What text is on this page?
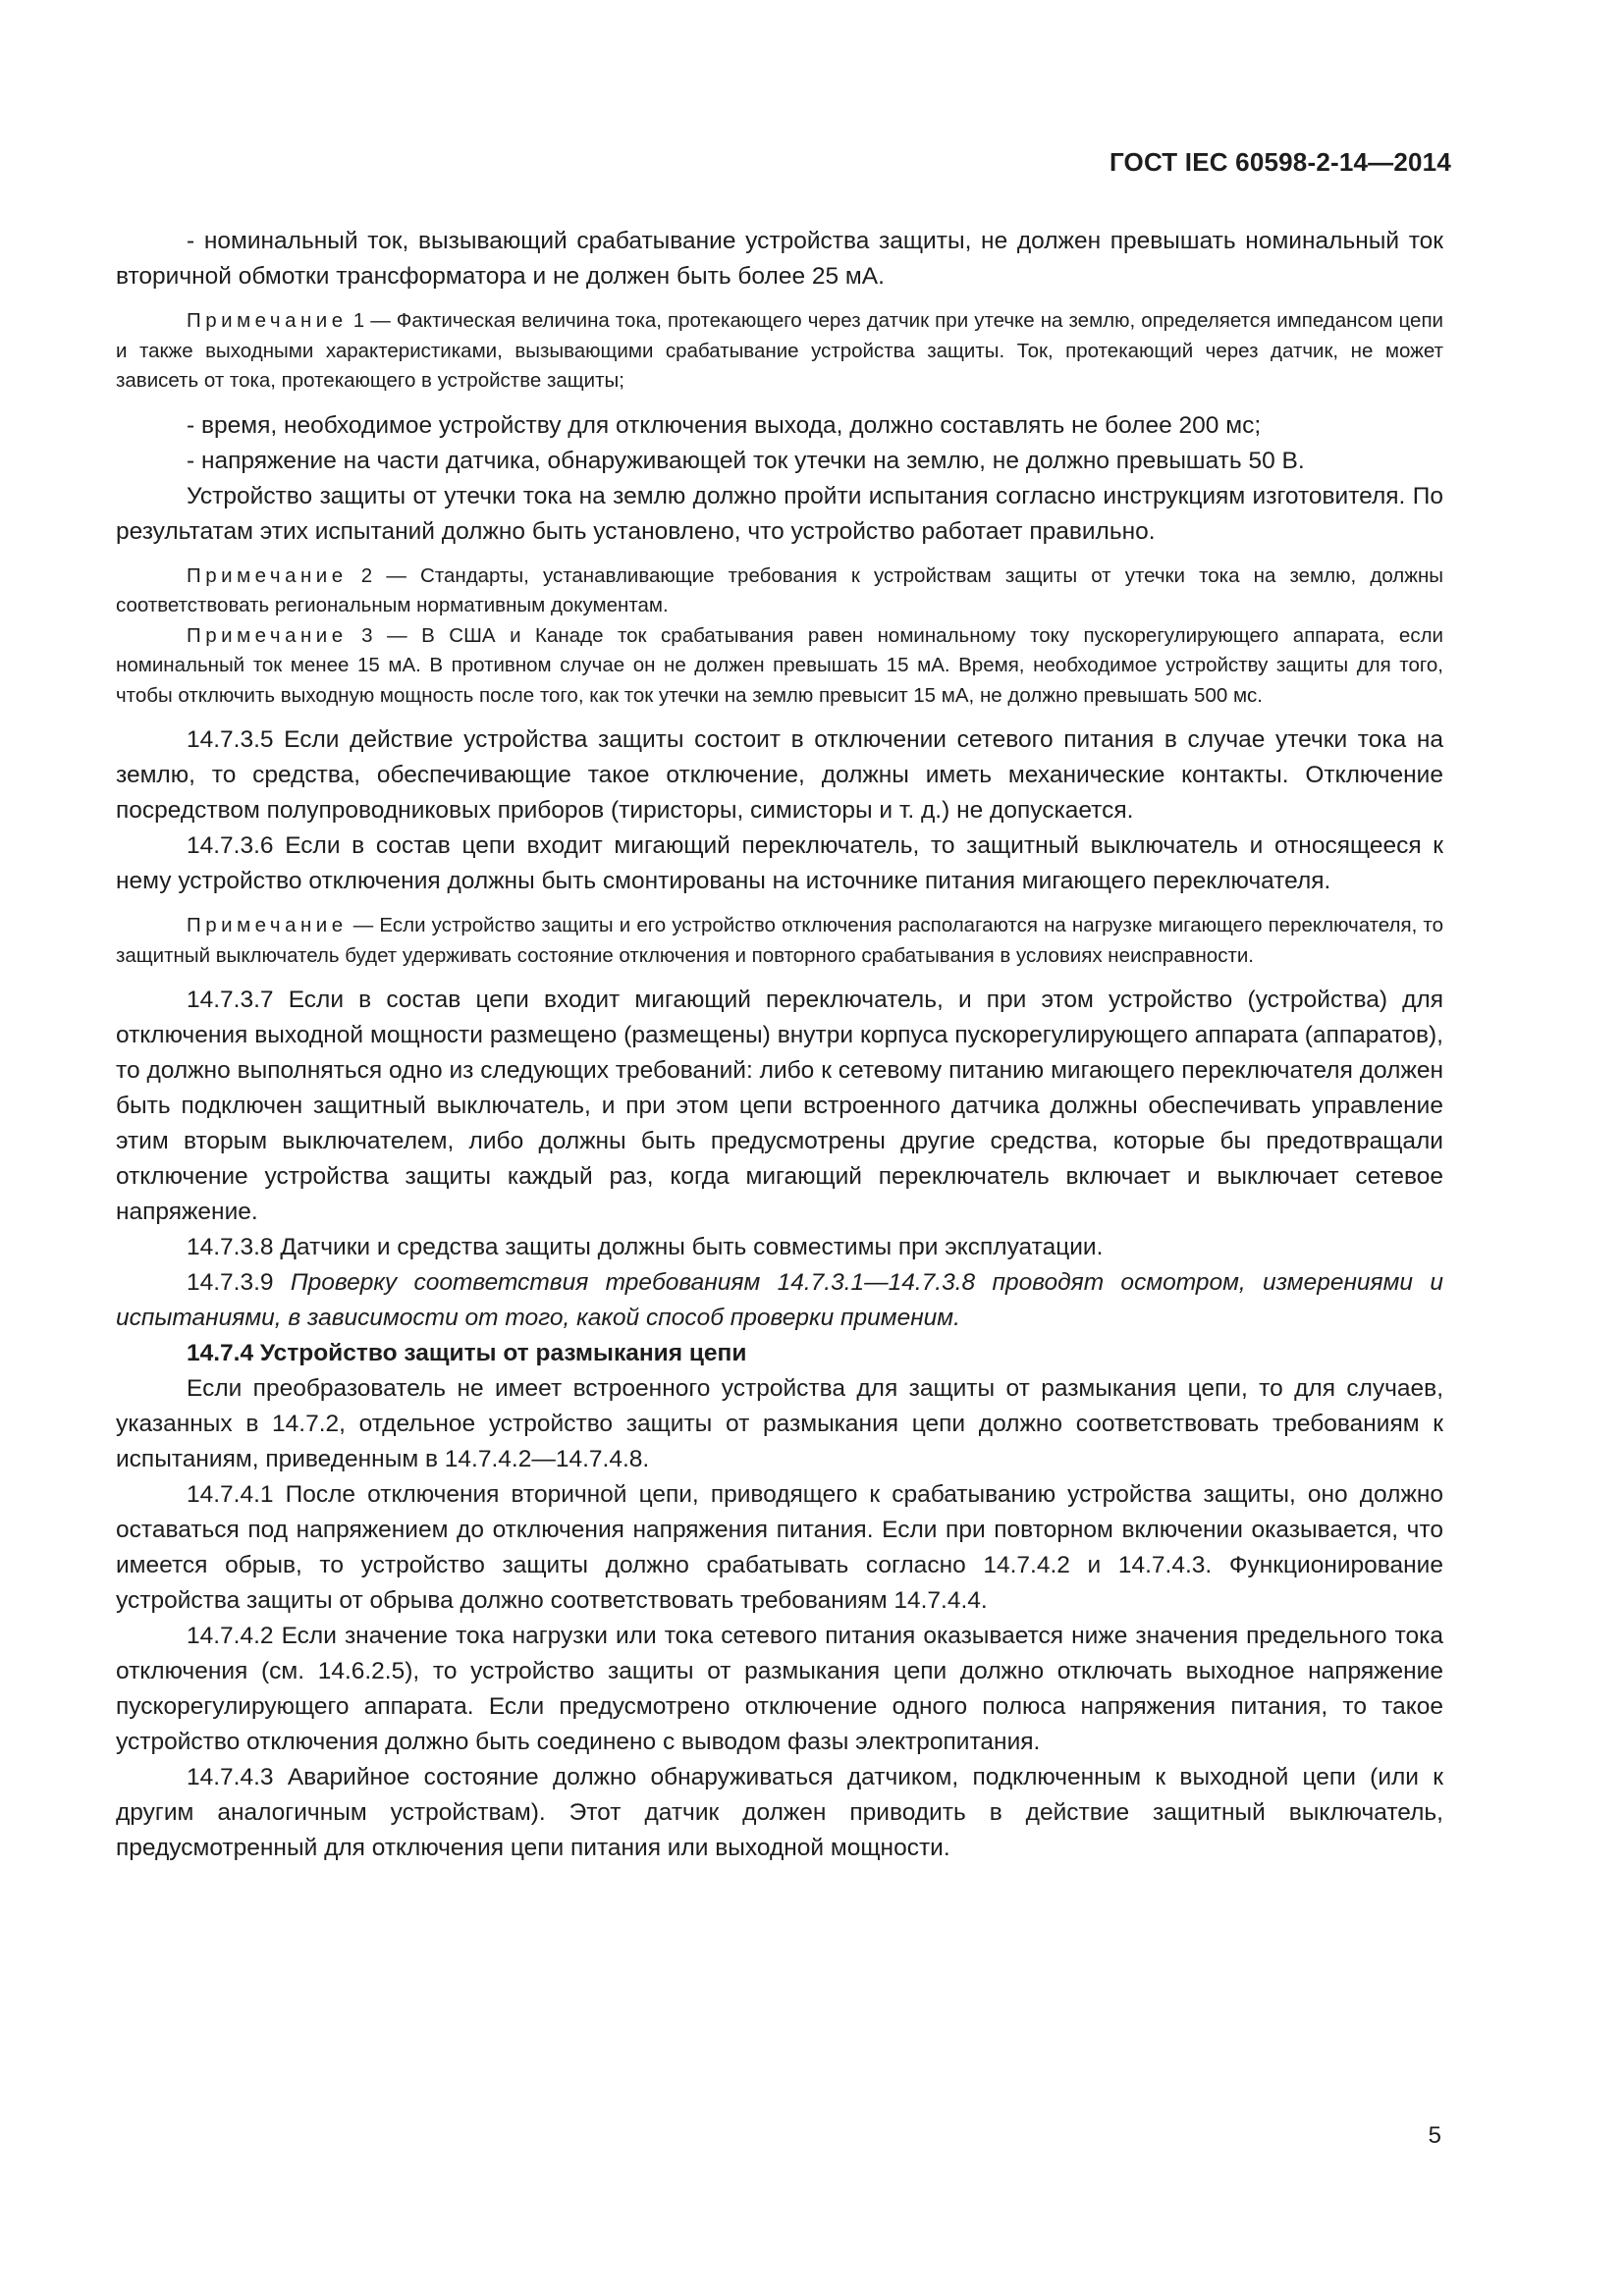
ГОСТ IEC 60598-2-14—2014

- номинальный ток, вызывающий срабатывание устройства защиты, не должен превышать номинальный ток вторичной обмотки трансформатора и не должен быть более 25 мА.

Примечание 1 — Фактическая величина тока, протекающего через датчик при утечке на землю, определяется импедансом цепи и также выходными характеристиками, вызывающими срабатывание устройства защиты. Ток, протекающий через датчик, не может зависеть от тока, протекающего в устройстве защиты;

- время, необходимое устройству для отключения выхода, должно составлять не более 200 мс;

- напряжение на части датчика, обнаруживающей ток утечки на землю, не должно превышать 50 В.

Устройство защиты от утечки тока на землю должно пройти испытания согласно инструкциям изготовителя. По результатам этих испытаний должно быть установлено, что устройство работает правильно.

Примечание 2 — Стандарты, устанавливающие требования к устройствам защиты от утечки тока на землю, должны соответствовать региональным нормативным документам.

Примечание 3 — В США и Канаде ток срабатывания равен номинальному току пускорегулирующего аппарата, если номинальный ток менее 15 мА. В противном случае он не должен превышать 15 мА. Время, необходимое устройству защиты для того, чтобы отключить выходную мощность после того, как ток утечки на землю превысит 15 мА, не должно превышать 500 мс.

14.7.3.5 Если действие устройства защиты состоит в отключении сетевого питания в случае утечки тока на землю, то средства, обеспечивающие такое отключение, должны иметь механические контакты. Отключение посредством полупроводниковых приборов (тиристоры, симисторы и т. д.) не допускается.

14.7.3.6 Если в состав цепи входит мигающий переключатель, то защитный выключатель и относящееся к нему устройство отключения должны быть смонтированы на источнике питания мигающего переключателя.

Примечание — Если устройство защиты и его устройство отключения располагаются на нагрузке мигающего переключателя, то защитный выключатель будет удерживать состояние отключения и повторного срабатывания в условиях неисправности.

14.7.3.7 Если в состав цепи входит мигающий переключатель, и при этом устройство (устройства) для отключения выходной мощности размещено (размещены) внутри корпуса пускорегулирующего аппарата (аппаратов), то должно выполняться одно из следующих требований: либо к сетевому питанию мигающего переключателя должен быть подключен защитный выключатель, и при этом цепи встроенного датчика должны обеспечивать управление этим вторым выключателем, либо должны быть предусмотрены другие средства, которые бы предотвращали отключение устройства защиты каждый раз, когда мигающий переключатель включает и выключает сетевое напряжение.

14.7.3.8 Датчики и средства защиты должны быть совместимы при эксплуатации.

14.7.3.9 Проверку соответствия требованиям 14.7.3.1—14.7.3.8 проводят осмотром, измерениями и испытаниями, в зависимости от того, какой способ проверки применим.

14.7.4 Устройство защиты от размыкания цепи

Если преобразователь не имеет встроенного устройства для защиты от размыкания цепи, то для случаев, указанных в 14.7.2, отдельное устройство защиты от размыкания цепи должно соответствовать требованиям к испытаниям, приведенным в 14.7.4.2—14.7.4.8.

14.7.4.1 После отключения вторичной цепи, приводящего к срабатыванию устройства защиты, оно должно оставаться под напряжением до отключения напряжения питания. Если при повторном включении оказывается, что имеется обрыв, то устройство защиты должно срабатывать согласно 14.7.4.2 и 14.7.4.3. Функционирование устройства защиты от обрыва должно соответствовать требованиям 14.7.4.4.

14.7.4.2 Если значение тока нагрузки или тока сетевого питания оказывается ниже значения предельного тока отключения (см. 14.6.2.5), то устройство защиты от размыкания цепи должно отключать выходное напряжение пускорегулирующего аппарата. Если предусмотрено отключение одного полюса напряжения питания, то такое устройство отключения должно быть соединено с выводом фазы электропитания.

14.7.4.3 Аварийное состояние должно обнаруживаться датчиком, подключенным к выходной цепи (или к другим аналогичным устройствам). Этот датчик должен приводить в действие защитный выключатель, предусмотренный для отключения цепи питания или выходной мощности.

5
